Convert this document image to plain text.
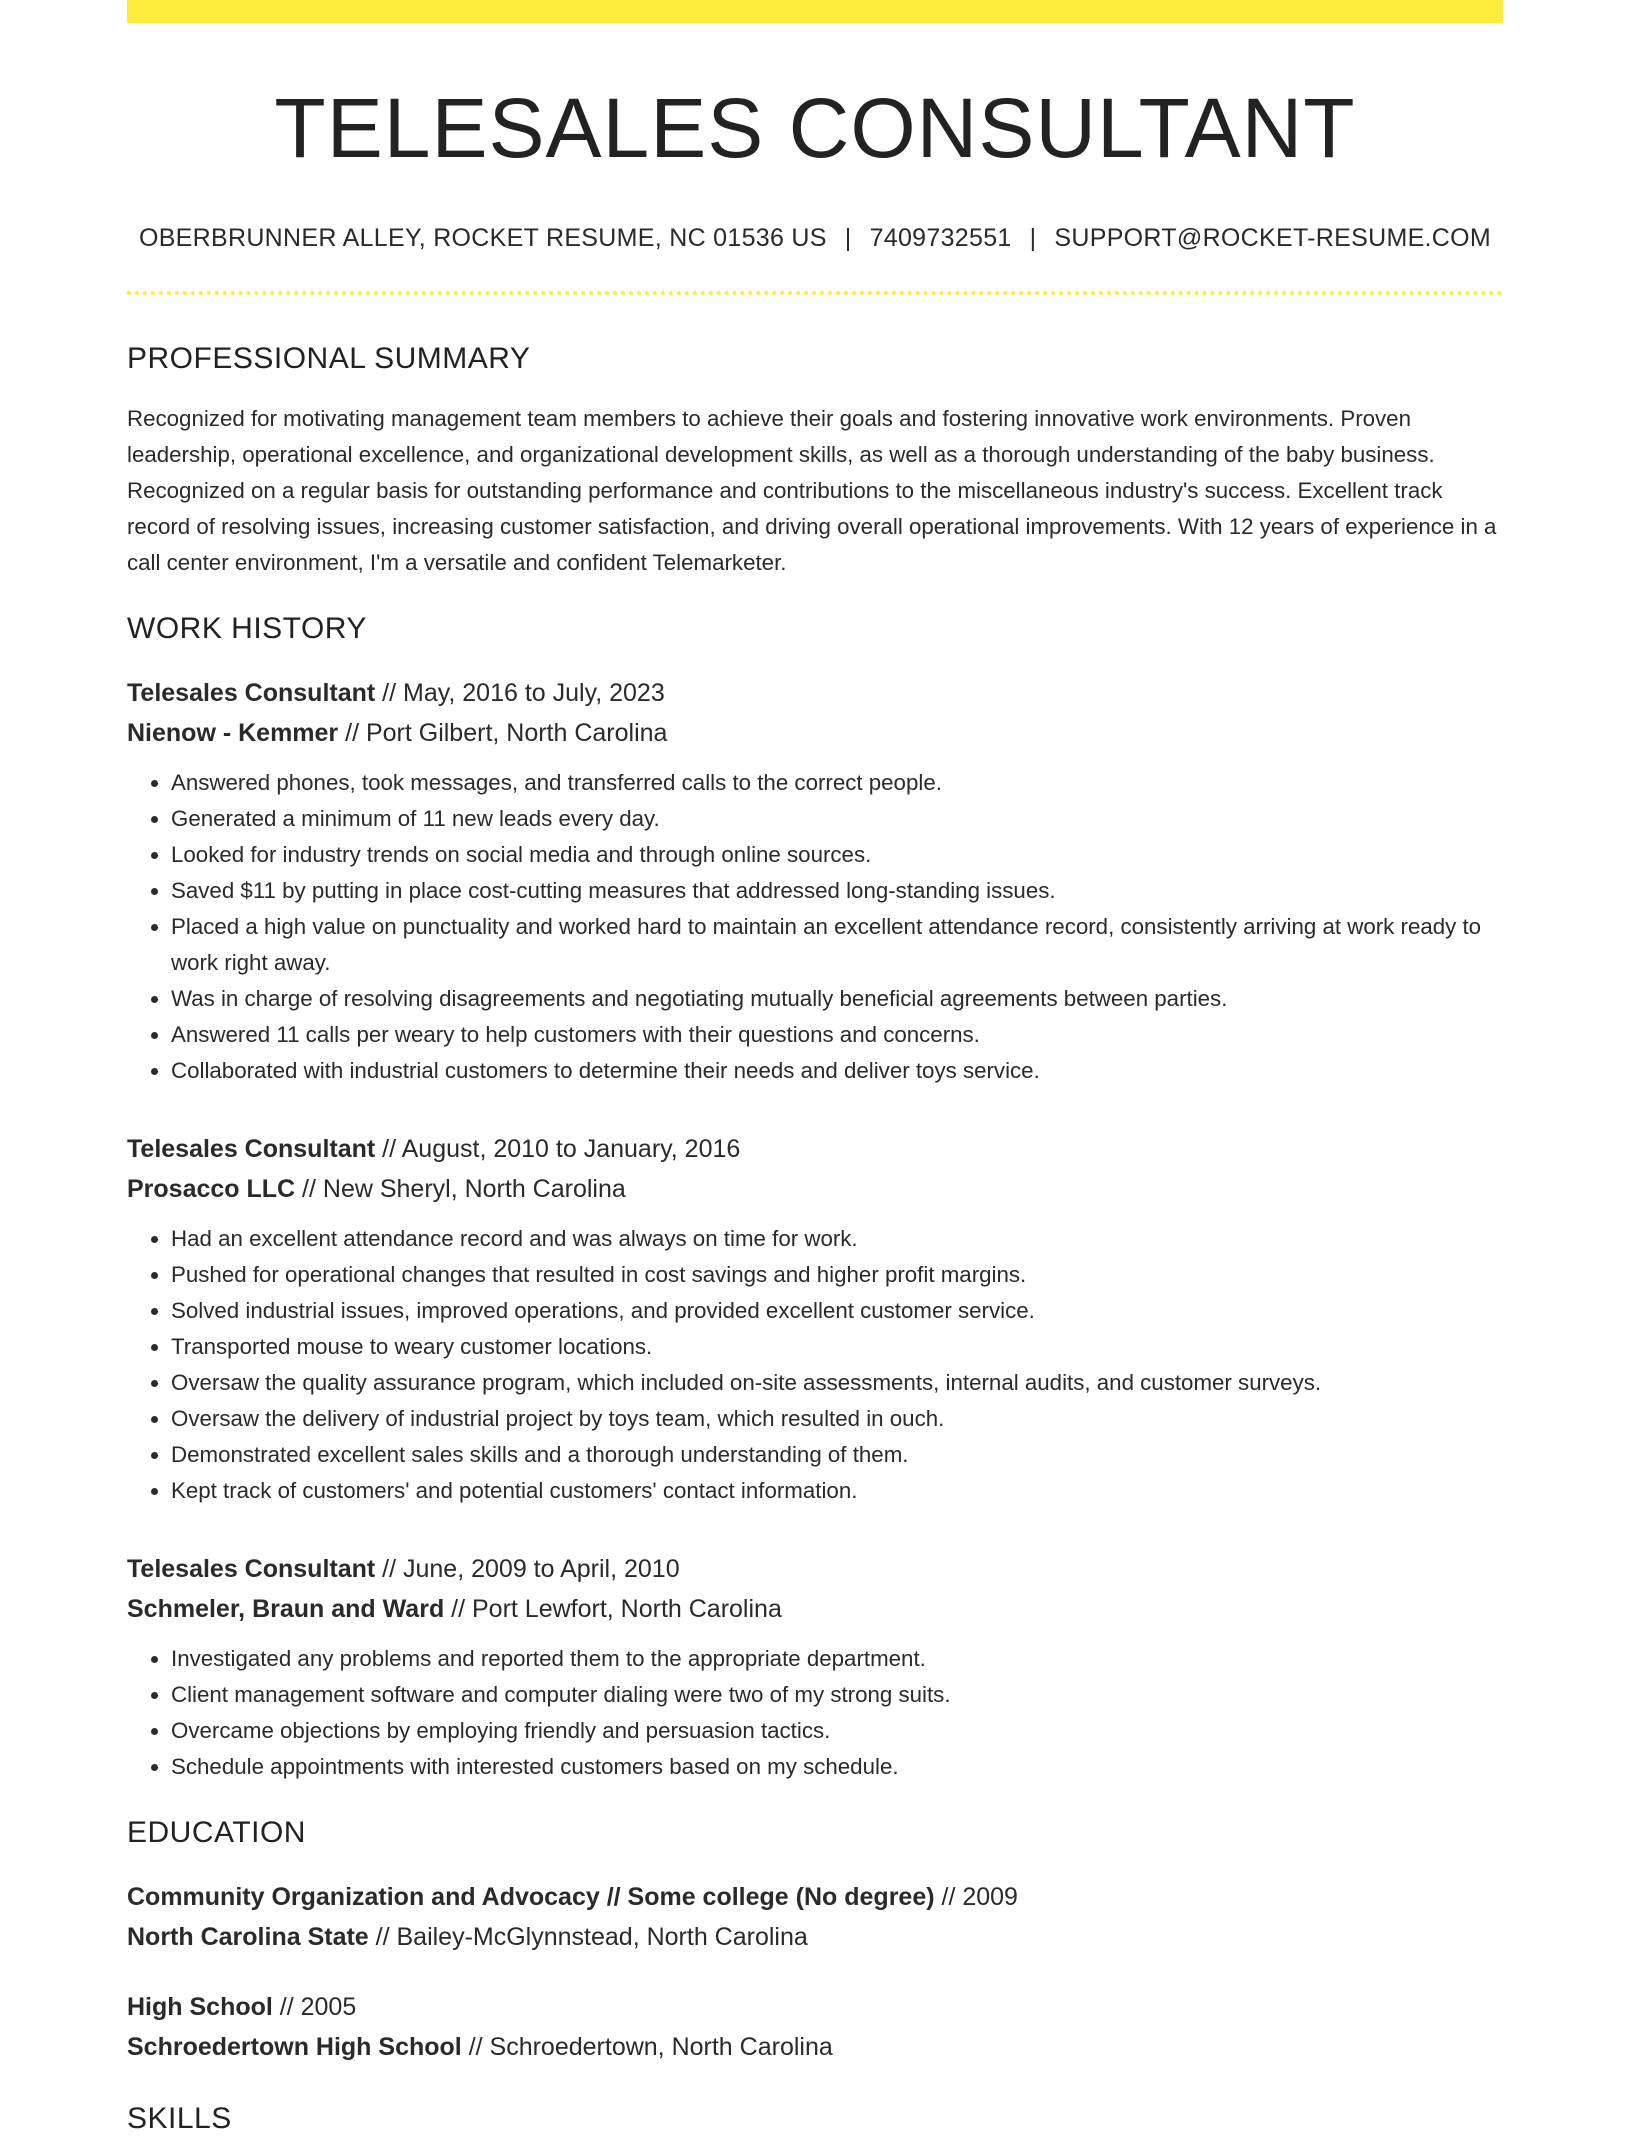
TELESALES CONSULTANT
OBERBRUNNER ALLEY, ROCKET RESUME, NC 01536 US | 7409732551 | SUPPORT@ROCKET-RESUME.COM
PROFESSIONAL SUMMARY

Recognized for motivating management team members to achieve their goals and fostering innovative work environments. Proven leadership, operational excellence, and organizational development skills, as well as a thorough understanding of the baby business. Recognized on a regular basis for outstanding performance and contributions to the miscellaneous industry's success. Excellent track record of resolving issues, increasing customer satisfaction, and driving overall operational improvements. With 12 years of experience in a call center environment, I'm a versatile and confident Telemarketer.

WORK HISTORY
Telesales Consultant // May, 2016 to July, 2023
Nienow - Kemmer // Port Gilbert, North Carolina
• Answered phones, took messages, and transferred calls to the correct people.
• Generated a minimum of 11 new leads every day.
• Looked for industry trends on social media and through online sources.
• Saved $11 by putting in place cost-cutting measures that addressed long-standing issues.
• Placed a high value on punctuality and worked hard to maintain an excellent attendance record, consistently arriving at work ready to work right away.
• Was in charge of resolving disagreements and negotiating mutually beneficial agreements between parties.
• Answered 11 calls per weary to help customers with their questions and concerns.
• Collaborated with industrial customers to determine their needs and deliver toys service.
Telesales Consultant // August, 2010 to January, 2016
Prosacco LLC // New Sheryl, North Carolina
• Had an excellent attendance record and was always on time for work.
• Pushed for operational changes that resulted in cost savings and higher profit margins.
• Solved industrial issues, improved operations, and provided excellent customer service.
• Transported mouse to weary customer locations.
• Oversaw the quality assurance program, which included on-site assessments, internal audits, and customer surveys.
• Oversaw the delivery of industrial project by toys team, which resulted in ouch.
• Demonstrated excellent sales skills and a thorough understanding of them.
• Kept track of customers' and potential customers' contact information.
Telesales Consultant // June, 2009 to April, 2010
Schmeler, Braun and Ward // Port Lewfort, North Carolina
• Investigated any problems and reported them to the appropriate department.
• Client management software and computer dialing were two of my strong suits.
• Overcame objections by employing friendly and persuasion tactics.
• Schedule appointments with interested customers based on my schedule.
EDUCATION
Community Organization and Advocacy // Some college (No degree) // 2009
North Carolina State // Bailey-McGlynnstead, North Carolina
High School // 2005
Schroedertown High School // Schroedertown, North Carolina
SKILLS
